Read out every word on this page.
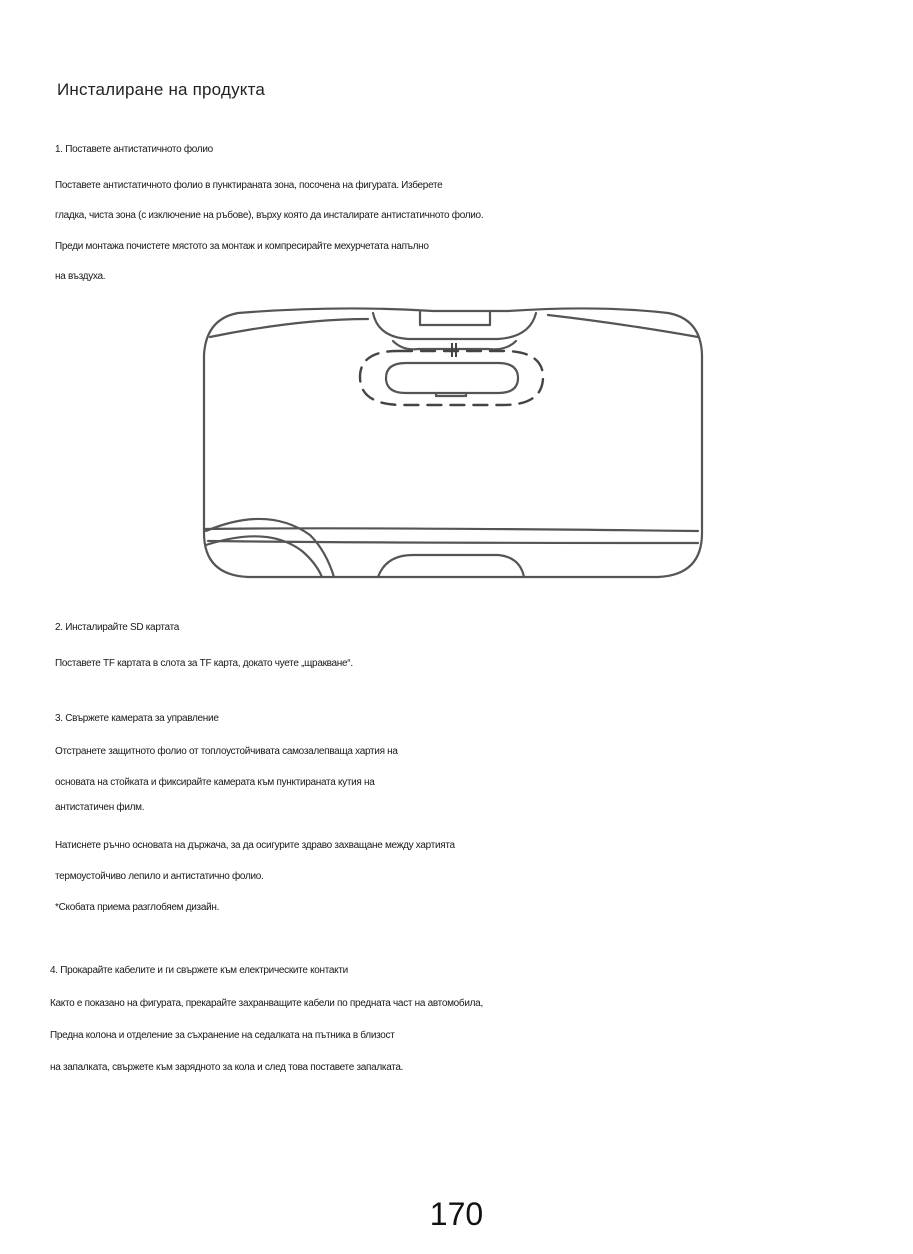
Инсталиране на продукта

1. Поставете антистатичното фолио

Поставете антистатичното фолио в пунктираната зона, посочена на фигурата. Изберете

гладка, чиста зона (с изключение на ръбове), върху която да инсталирате антистатичното фолио.

Преди монтажа почистете мястото за монтаж и компресирайте мехурчетата напълно

на въздуха.

2. Инсталирайте SD картата

Поставете TF картата в слота за TF карта, докато чуете „щракване“.

3. Свържете камерата за управление

Отстранете защитното фолио от топлоустойчивата самозалепваща хартия на

основата на стойката и фиксирайте камерата към пунктираната кутия на

антистатичен филм.

Натиснете ръчно основата на държача, за да осигурите здраво захващане между хартията

термоустойчиво лепило и антистатично фолио.

*Скобата приема разглобяем дизайн.

4. Прокарайте кабелите и ги свържете към електрическите контакти

Както е показано на фигурата, прекарайте захранващите кабели по предната част на автомобила,

Предна колона и отделение за съхранение на седалката на пътника в близост

на запалката, свържете към зарядното за кола и след това поставете запалката.

170
